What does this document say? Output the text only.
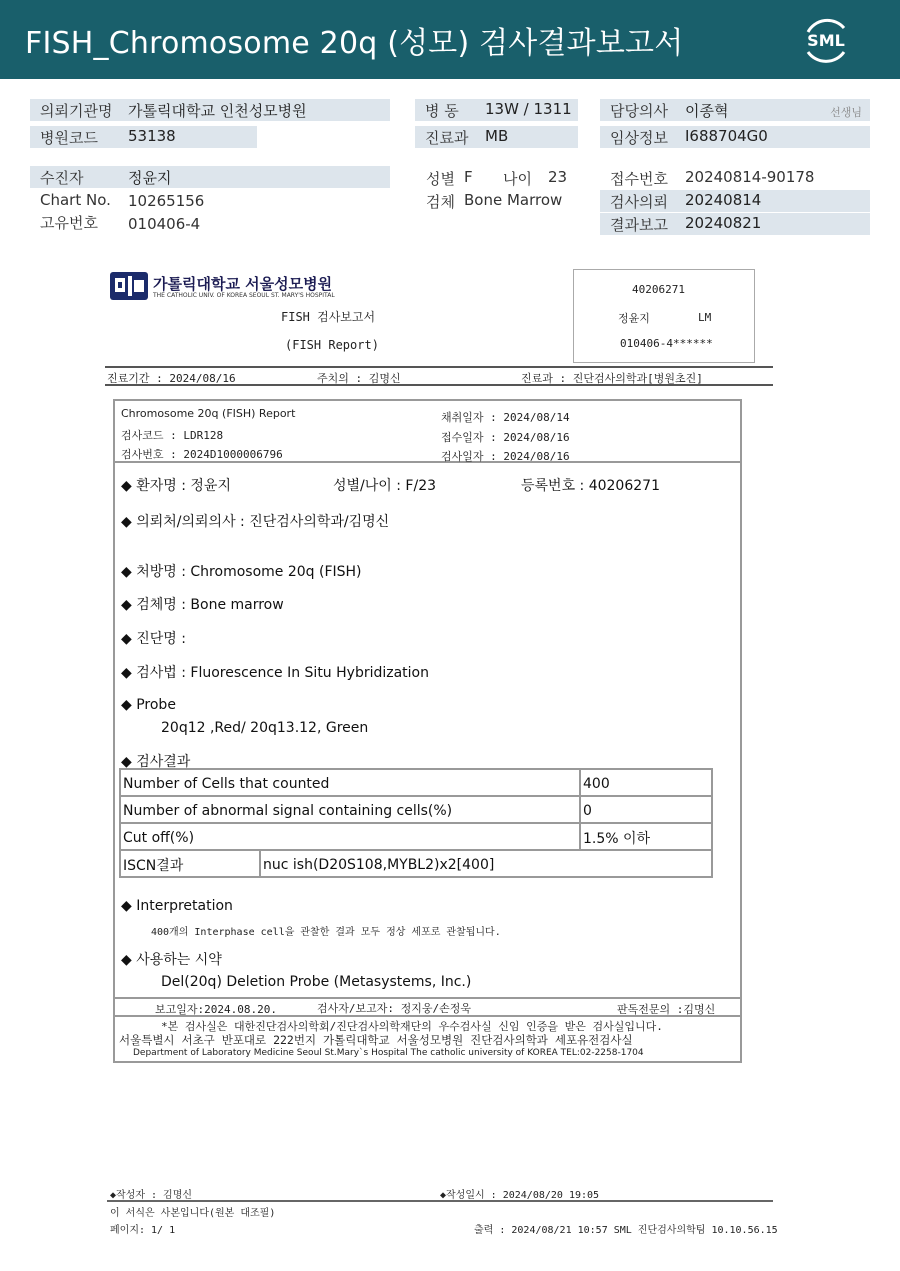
FISH_Chromosome 20q (성모) 검사결과보고서	SML
의뢰기관명 가톨릭대학교 인천성모병원
병원코드 53138
병 동 13W / 1311
진료과 MB
담당의사 이종혁	선생님
임상정보 I688704G0
수진자	정윤지
Chart No. 10265156
고유번호 010406-4
성별 F 나이 23
검체 Bone Marrow
접수번호 20240814-90178
검사의뢰 20240814
결과보고 20240821
가톨릭대학교 서울성모병원
THE CATHOLIC UNIV. OF KOREA SEOUL ST. MARY'S HOSPITAL
FISH 검사보고서
(FISH Report)
40206271
정윤지	LM
010406-4******
진료기간 : 2024/08/16	주치의 : 김명신	진료과 : 진단검사의학과[병원초진]
Chromosome 20q (FISH) Report
검사코드 : LDR128
검사번호 : 2024D1000006796
채취일자 : 2024/08/14
접수일자 : 2024/08/16
검사일자 : 2024/08/16
◆ 환자명 : 정윤지	성별/나이 : F/23	등록번호 : 40206271
◆ 의뢰처/의뢰의사 : 진단검사의학과/김명신
◆ 처방명 : Chromosome 20q (FISH)
◆ 검체명 : Bone marrow
◆ 진단명 :
◆ 검사법 : Fluorescence In Situ Hybridization
◆ Probe
20q12 ,Red/ 20q13.12, Green
◆ 검사결과
Number of Cells that counted		400
Number of abnormal signal containing cells(%)		0
Cut off(%)		1.5% 이하
ISCN결과	nuc ish(D20S108,MYBL2)x2[400]	
◆ Interpretation
400개의 Interphase cell을 관찰한 결과 모두 정상 세포로 관찰됩니다.
◆ 사용하는 시약
Del(20q) Deletion Probe (Metasystems, Inc.)
보고일자:2024.08.20.	검사자/보고자: 정지웅/손정욱	판독전문의 :김명신
*본 검사실은 대한진단검사의학회/진단검사의학재단의 우수검사실 신임 인증을 받은 검사실입니다.
서울특별시 서초구 반포대로 222번지 가톨릭대학교 서울성모병원 진단검사의학과 세포유전검사실
Department of Laboratory Medicine Seoul St.Mary`s Hospital The catholic university of KOREA TEL:02-2258-1704
◆작성자 : 김명신	◆작성일시 : 2024/08/20 19:05
이 서식은 사본입니다(원본 대조필)
페이지: 1/ 1	출력 : 2024/08/21 10:57 SML 진단검사의학팀 10.10.56.15
